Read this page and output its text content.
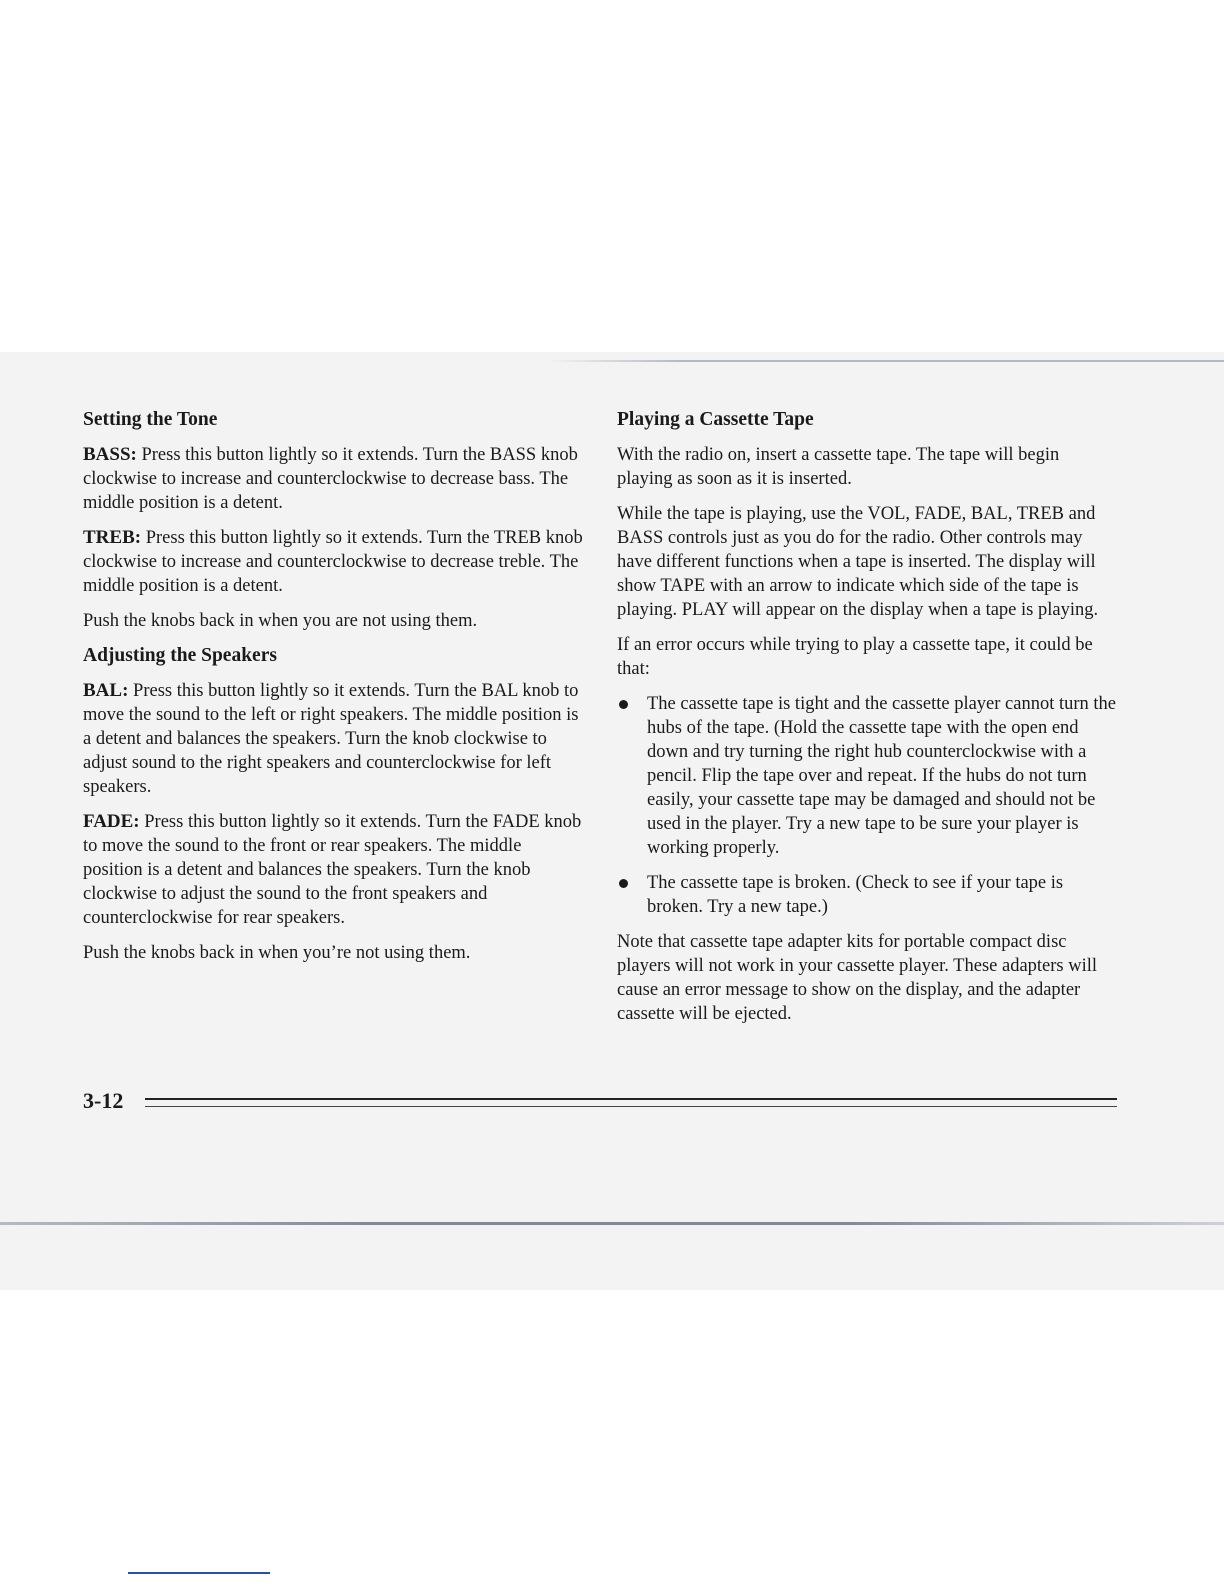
Setting the Tone

BASS: Press this button lightly so it extends. Turn the BASS knob clockwise to increase and counterclockwise to decrease bass. The middle position is a detent.

TREB: Press this button lightly so it extends. Turn the TREB knob clockwise to increase and counterclockwise to decrease treble. The middle position is a detent.

Push the knobs back in when you are not using them.

Adjusting the Speakers

BAL: Press this button lightly so it extends. Turn the BAL knob to move the sound to the left or right speakers. The middle position is a detent and balances the speakers. Turn the knob clockwise to adjust sound to the right speakers and counterclockwise for left speakers.

FADE: Press this button lightly so it extends. Turn the FADE knob to move the sound to the front or rear speakers. The middle position is a detent and balances the speakers. Turn the knob clockwise to adjust the sound to the front speakers and counterclockwise for rear speakers.

Push the knobs back in when you’re not using them.

Playing a Cassette Tape

With the radio on, insert a cassette tape. The tape will begin playing as soon as it is inserted.

While the tape is playing, use the VOL, FADE, BAL, TREB and BASS controls just as you do for the radio. Other controls may have different functions when a tape is inserted. The display will show TAPE with an arrow to indicate which side of the tape is playing. PLAY will appear on the display when a tape is playing.

If an error occurs while trying to play a cassette tape, it could be that:

The cassette tape is tight and the cassette player cannot turn the hubs of the tape. (Hold the cassette tape with the open end down and try turning the right hub counterclockwise with a pencil. Flip the tape over and repeat. If the hubs do not turn easily, your cassette tape may be damaged and should not be used in the player. Try a new tape to be sure your player is working properly.
The cassette tape is broken. (Check to see if your tape is broken. Try a new tape.)

Note that cassette tape adapter kits for portable compact disc players will not work in your cassette player. These adapters will cause an error message to show on the display, and the adapter cassette will be ejected.

3-12
